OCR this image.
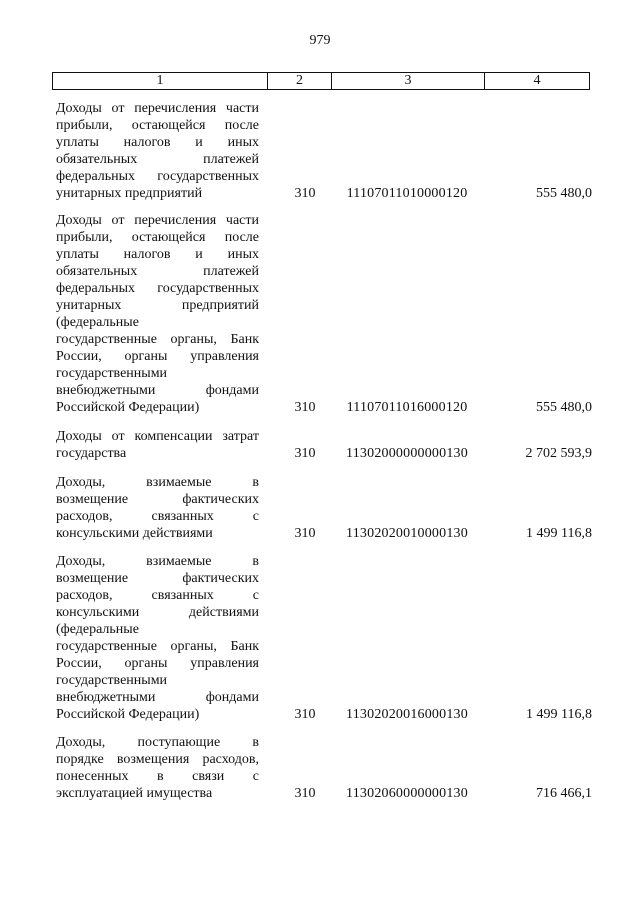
979
1	2	3	4
Доходы от перечисления части
прибыли, остающейся после
уплаты налогов и иных
обязательных платежей
федеральных государственных
унитарных предприятий	310	11107011010000120	555 480,0
Доходы от перечисления части
прибыли, остающейся после
уплаты налогов и иных
обязательных платежей
федеральных государственных
унитарных предприятий
(федеральные
государственные органы, Банк
России, органы управления
государственными
внебюджетными фондами
Российской Федерации)	310	11107011016000120	555 480,0
Доходы от компенсации затрат
государства	310	11302000000000130	2 702 593,9
Доходы, взимаемые в
возмещение фактических
расходов, связанных с
консульскими действиями	310	11302020010000130	1 499 116,8
Доходы, взимаемые в
возмещение фактических
расходов, связанных с
консульскими действиями
(федеральные
государственные органы, Банк
России, органы управления
государственными
внебюджетными фондами
Российской Федерации)	310	11302020016000130	1 499 116,8
Доходы, поступающие в
порядке возмещения расходов,
понесенных в связи с
эксплуатацией имущества	310	11302060000000130	716 466,1
